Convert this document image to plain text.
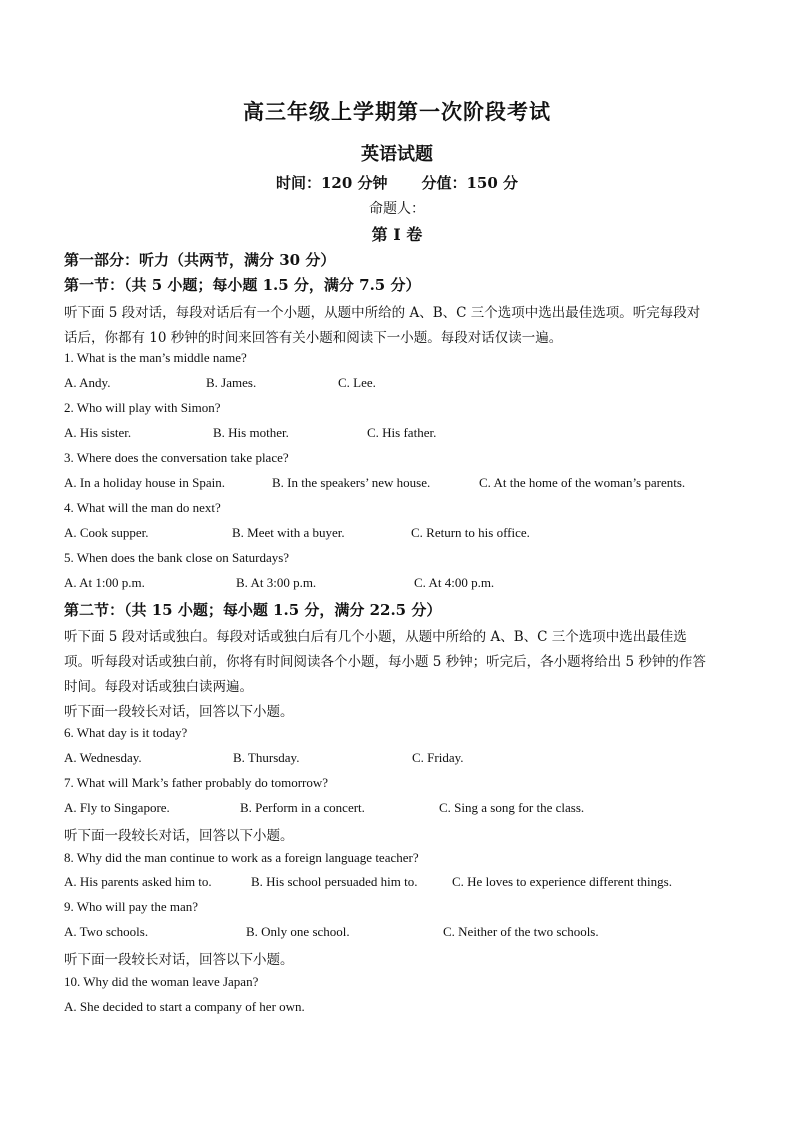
高三年级上学期第一次阶段考试
英语试题
时间：120 分钟 分值：150 分
命题人：
第 I 卷
第一部分：听力（共两节，满分 30 分）
第一节：（共 5 小题；每小题 1.5 分，满分 7.5 分）
听下面 5 段对话，每段对话后有一个小题，从题中所给的 A、B、C 三个选项中选出最佳选项。听完每段对
话后，你都有 10 秒钟的时间来回答有关小题和阅读下一小题。每段对话仅读一遍。
1. What is the man’s middle name?
A. Andy.	B. James.	C. Lee.
2. Who will play with Simon?
A. His sister.	B. His mother.	C. His father.
3. Where does the conversation take place?
A. In a holiday house in Spain.	B. In the speakers’ new house.	C. At the home of the woman’s parents.
4. What will the man do next?
A. Cook supper.	B. Meet with a buyer.	C. Return to his office.
5. When does the bank close on Saturdays?
A. At 1:00 p.m.	B. At 3:00 p.m.	C. At 4:00 p.m.
第二节：（共 15 小题；每小题 1.5 分，满分 22.5 分）
听下面 5 段对话或独白。每段对话或独白后有几个小题，从题中所给的 A、B、C 三个选项中选出最佳选
项。听每段对话或独白前，你将有时间阅读各个小题，每小题 5 秒钟；听完后，各小题将给出 5 秒钟的作答
时间。每段对话或独白读两遍。
听下面一段较长对话，回答以下小题。
6. What day is it today?
A. Wednesday.	B. Thursday.	C. Friday.
7. What will Mark’s father probably do tomorrow?
A. Fly to Singapore.	B. Perform in a concert.	C. Sing a song for the class.
听下面一段较长对话，回答以下小题。
8. Why did the man continue to work as a foreign language teacher?
A. His parents asked him to.	B. His school persuaded him to.	C. He loves to experience different things.
9. Who will pay the man?
A. Two schools.	B. Only one school.	C. Neither of the two schools.
听下面一段较长对话，回答以下小题。
10. Why did the woman leave Japan?
A. She decided to start a company of her own.
